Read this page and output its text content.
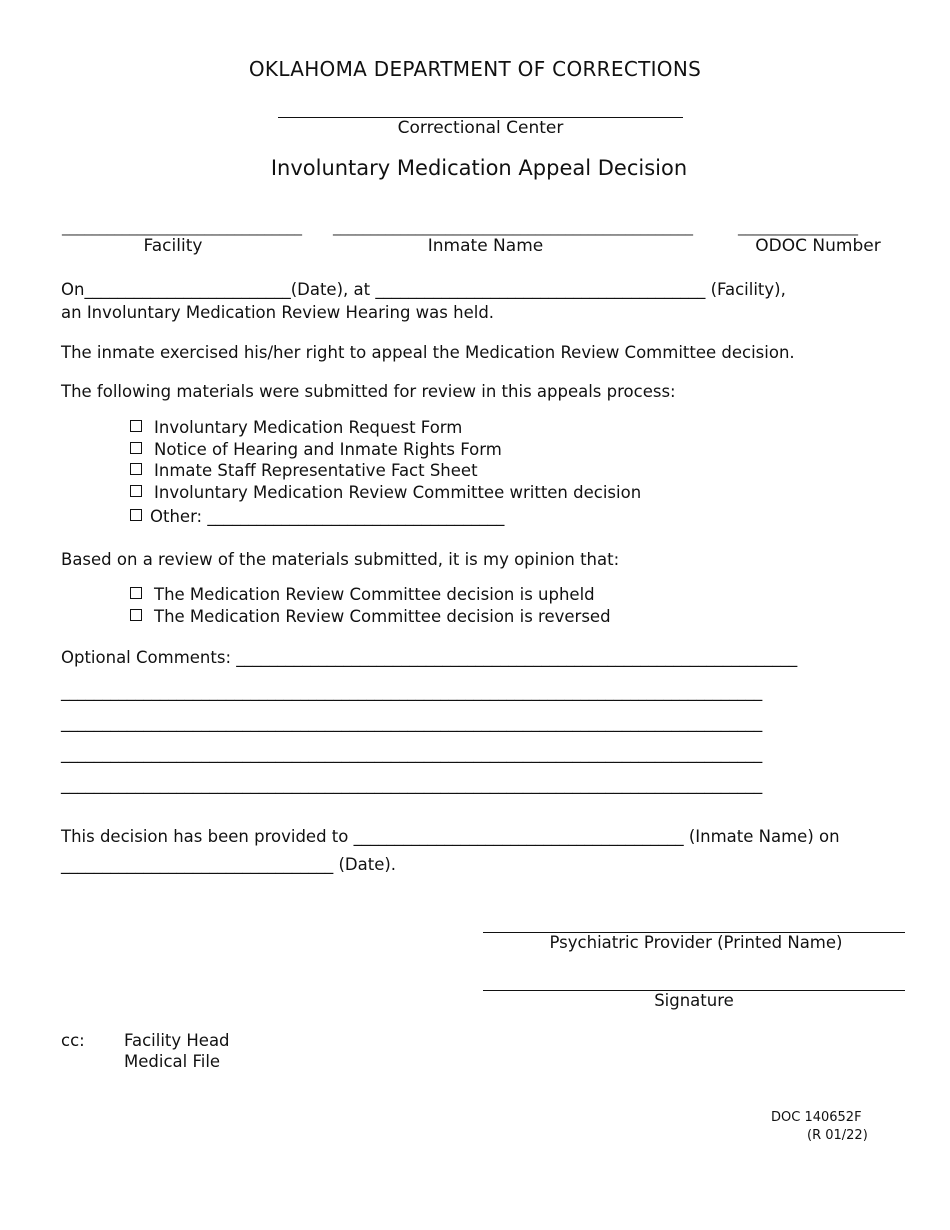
OKLAHOMA DEPARTMENT OF CORRECTIONS
Correctional Center
Involuntary Medication Appeal Decision
________________________________ ________________________________________________	________________
Facility	Inmate Name	ODOC Number
On_________________________(Date), at ________________________________________ (Facility),
an Involuntary Medication Review Hearing was held.
The inmate exercised his/her right to appeal the Medication Review Committee decision.
The following materials were submitted for review in this appeals process:
Involuntary Medication Request Form
Notice of Hearing and Inmate Rights Form
Inmate Staff Representative Fact Sheet
Involuntary Medication Review Committee written decision
Other: ____________________________________
Based on a review of the materials submitted, it is my opinion that:
The Medication Review Committee decision is upheld
The Medication Review Committee decision is reversed
Optional Comments: ____________________________________________________________________
_____________________________________________________________________________________
_____________________________________________________________________________________
_____________________________________________________________________________________
_____________________________________________________________________________________
This decision has been provided to ________________________________________ (Inmate Name) on
_________________________________ (Date).
Psychiatric Provider (Printed Name)
Signature
cc: Facility Head
Medical File
DOC 140652F
(R 01/22)
